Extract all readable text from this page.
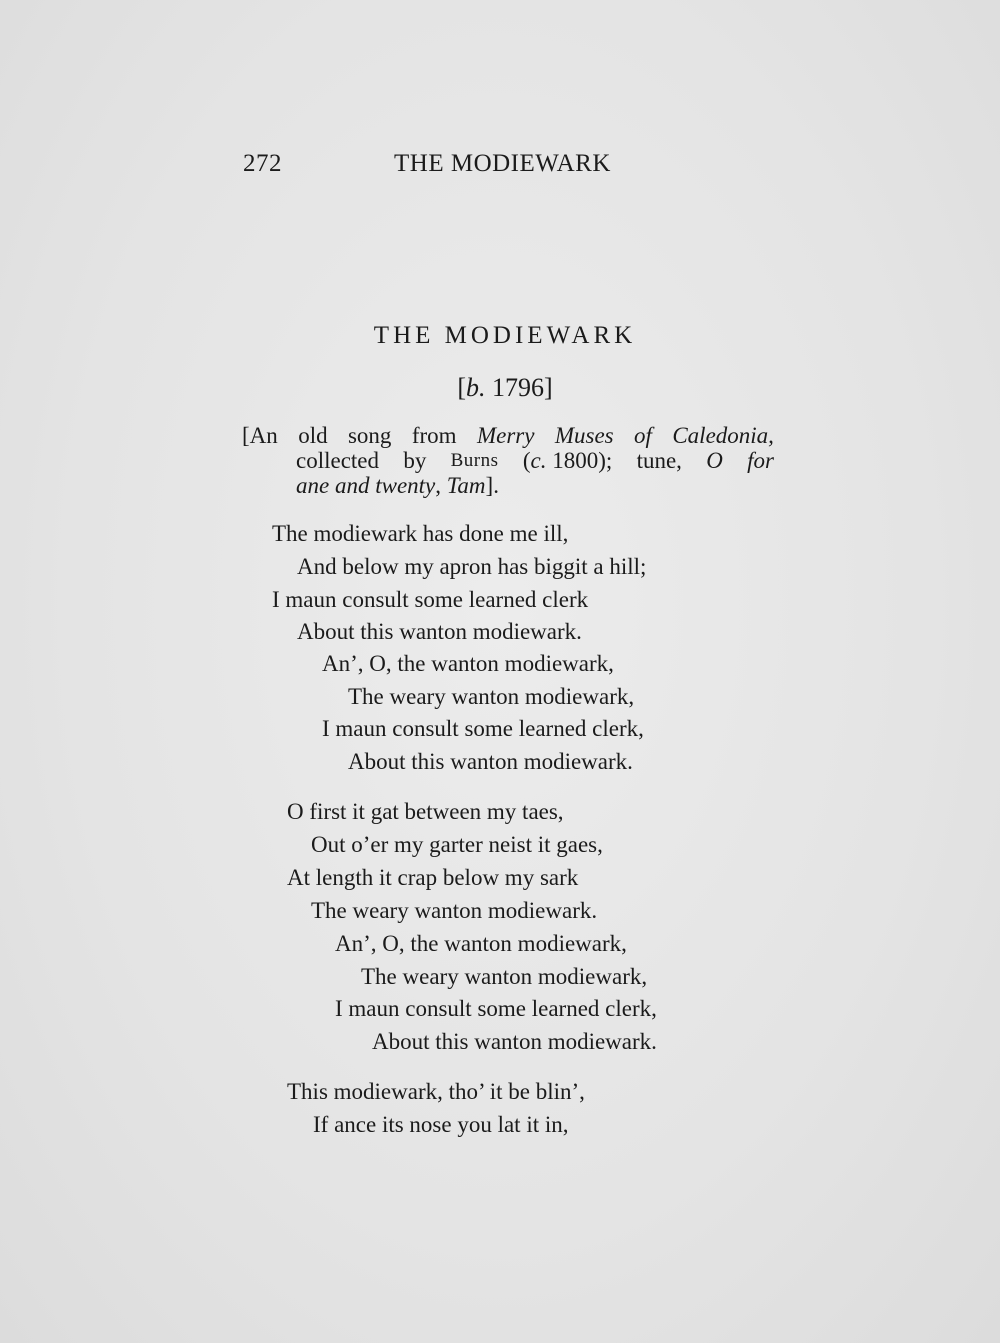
272	THE MODIEWARK
THE MODIEWARK
[b. 1796]
[An old song from Merry Muses of Caledonia,
collected by Burns (c. 1800); tune, O for
ane and twenty, Tam].
The modiewark has done me ill,
And below my apron has biggit a hill;
I maun consult some learned clerk
About this wanton modiewark.
An’, O, the wanton modiewark,
The weary wanton modiewark,
I maun consult some learned clerk,
About this wanton modiewark.
O first it gat between my taes,
Out o’er my garter neist it gaes,
At length it crap below my sark
The weary wanton modiewark.
An’, O, the wanton modiewark,
The weary wanton modiewark,
I maun consult some learned clerk,
About this wanton modiewark.
This modiewark, tho’ it be blin’,
If ance its nose you lat it in,
